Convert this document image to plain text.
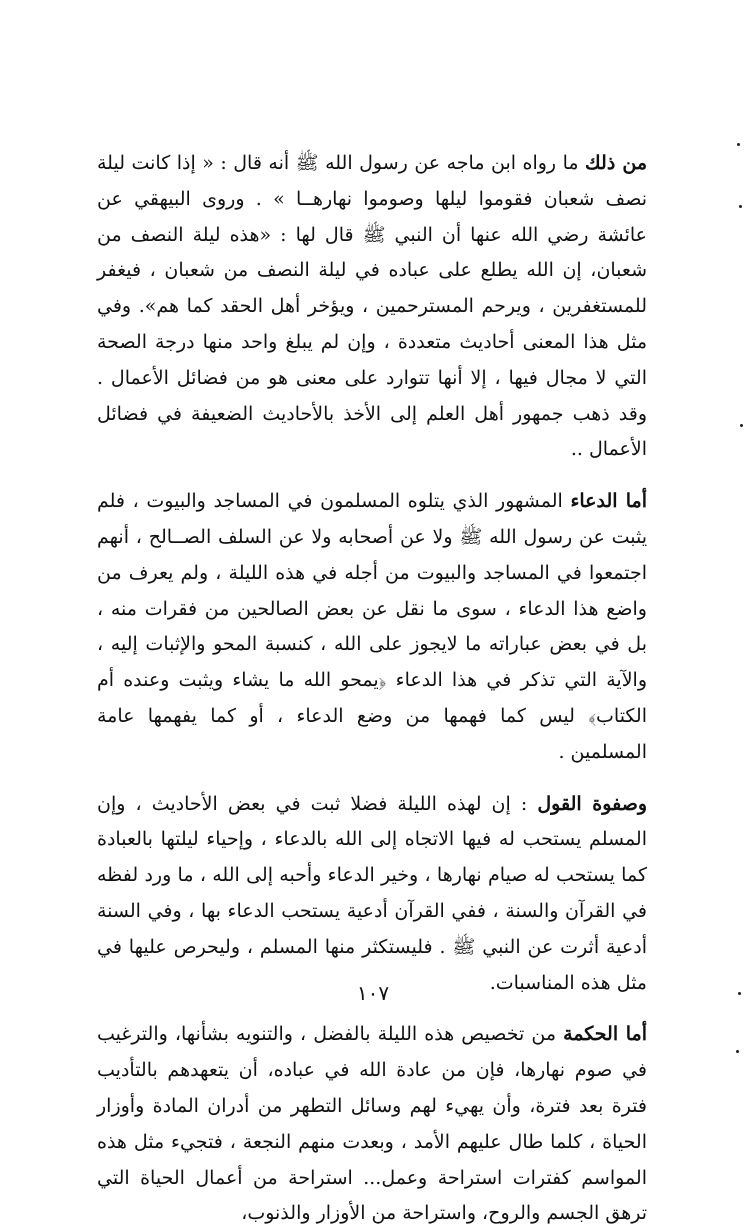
من ذلك ما رواه ابن ماجه عن رسول الله ﷺ أنه قال : « إذا كانت ليلة نصف شعبان فقوموا ليلها وصوموا نهارهــا » . وروى البيهقي عن عائشة رضي الله عنها أن النبي ﷺ قال لها : «هذه ليلة النصف من شعبان، إن الله يطلع على عباده في ليلة النصف من شعبان ، فيغفر للمستغفرين ، ويرحم المسترحمين ، ويؤخر أهل الحقد كما هم». وفي مثل هذا المعنى أحاديث متعددة ، وإن لم يبلغ واحد منها درجة الصحة التي لا مجال فيها ، إلا أنها تتوارد على معنى هو من فضائل الأعمال . وقد ذهب جمهور أهل العلم إلى الأخذ بالأحاديث الضعيفة في فضائل الأعمال ..

أما الدعاء المشهور الذي يتلوه المسلمون في المساجد والبيوت ، فلم يثبت عن رسول الله ﷺ ولا عن أصحابه ولا عن السلف الصــالح ، أنهم اجتمعوا في المساجد والبيوت من أجله في هذه الليلة ، ولم يعرف من واضع هذا الدعاء ، سوى ما نقل عن بعض الصالحين من فقرات منه ، بل في بعض عباراته ما لايجوز على الله ، كنسبة المحو والإثبات إليه ، والآية التي تذكر في هذا الدعاء ﴿يمحو الله ما يشاء ويثبت وعنده أم الكتاب﴾ ليس كما فهمها من وضع الدعاء ، أو كما يفهمها عامة المسلمين .

وصفوة القول : إن لهذه الليلة فضلا ثبت في بعض الأحاديث ، وإن المسلم يستحب له فيها الاتجاه إلى الله بالدعاء ، وإحياء ليلتها بالعبادة كما يستحب له صيام نهارها ، وخير الدعاء وأحبه إلى الله ، ما ورد لفظه في القرآن والسنة ، ففي القرآن أدعية يستحب الدعاء بها ، وفي السنة أدعية أثرت عن النبي ﷺ . فليستكثر منها المسلم ، وليحرص عليها في مثل هذه المناسبات.

أما الحكمة من تخصيص هذه الليلة بالفضل ، والتنويه بشأنها، والترغيب في صوم نهارها، فإن من عادة الله في عباده، أن يتعهدهم بالتأديب فترة بعد فترة، وأن يهيء لهم وسائل التطهر من أدران المادة وأوزار الحياة ، كلما طال عليهم الأمد ، وبعدت منهم النجعة ، فتجيء مثل هذه المواسم كفترات استراحة وعمل... استراحة من أعمال الحياة التي ترهق الجسم والروح، واستراحة من الأوزار والذنوب،

١٠٧
